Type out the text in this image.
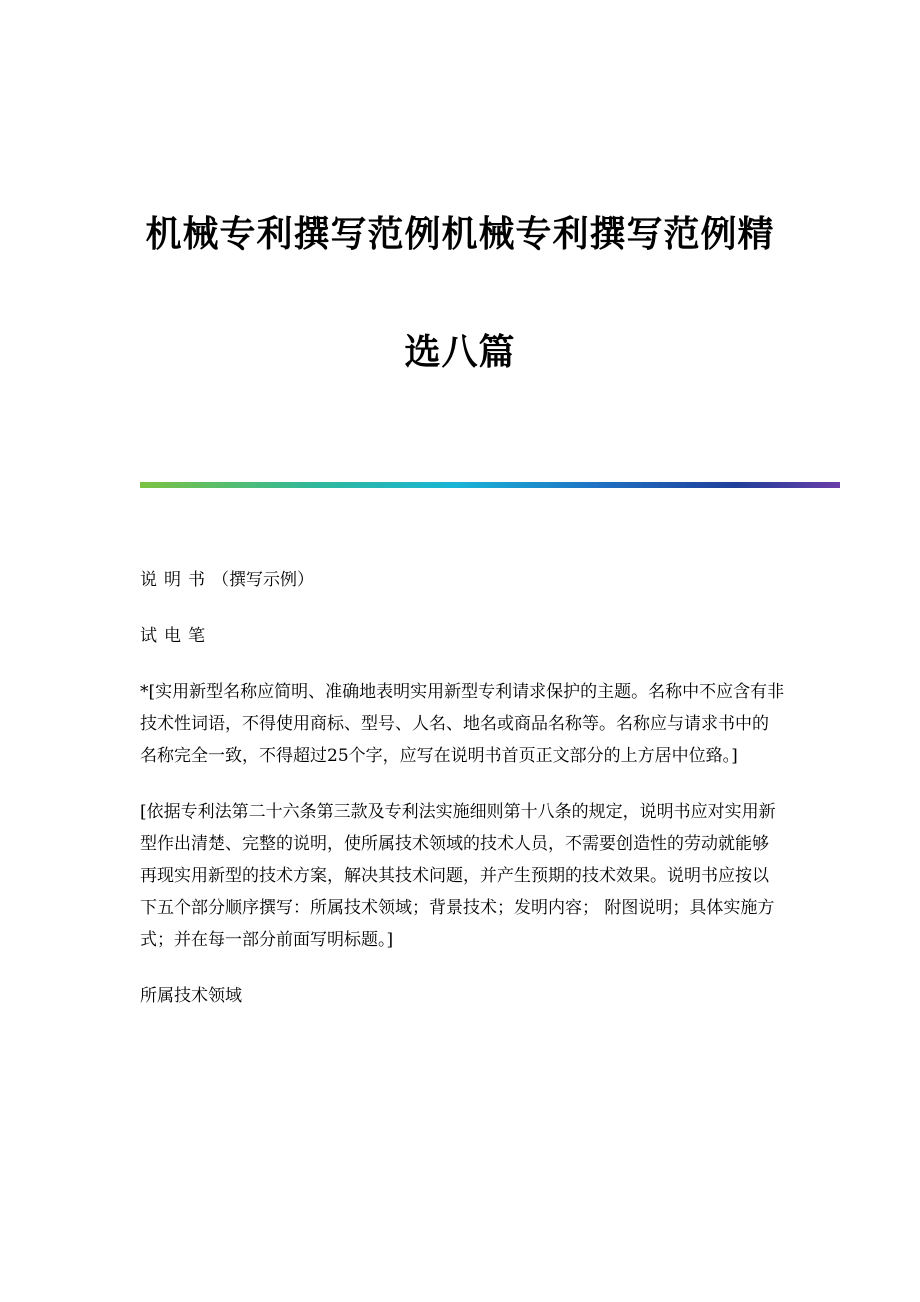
机械专利撰写范例机械专利撰写范例精
选八篇

说明书（撰写示例）

试电笔

*[实用新型名称应简明、准确地表明实用新型专利请求保护的主题。名称中不应含有非技术性词语，不得使用商标、型号、人名、地名或商品名称等。名称应与请求书中的名称完全一致，不得超过25个字，应写在说明书首页正文部分的上方居中位臵。]

[依据专利法第二十六条第三款及专利法实施细则第十八条的规定，说明书应对实用新型作出清楚、完整的说明，使所属技术领域的技术人员，不需要创造性的劳动就能够再现实用新型的技术方案，解决其技术问题，并产生预期的技术效果。说明书应按以下五个部分顺序撰写：所属技术领域；背景技术；发明内容； 附图说明；具体实施方式；并在每一部分前面写明标题。]

所属技术领域
